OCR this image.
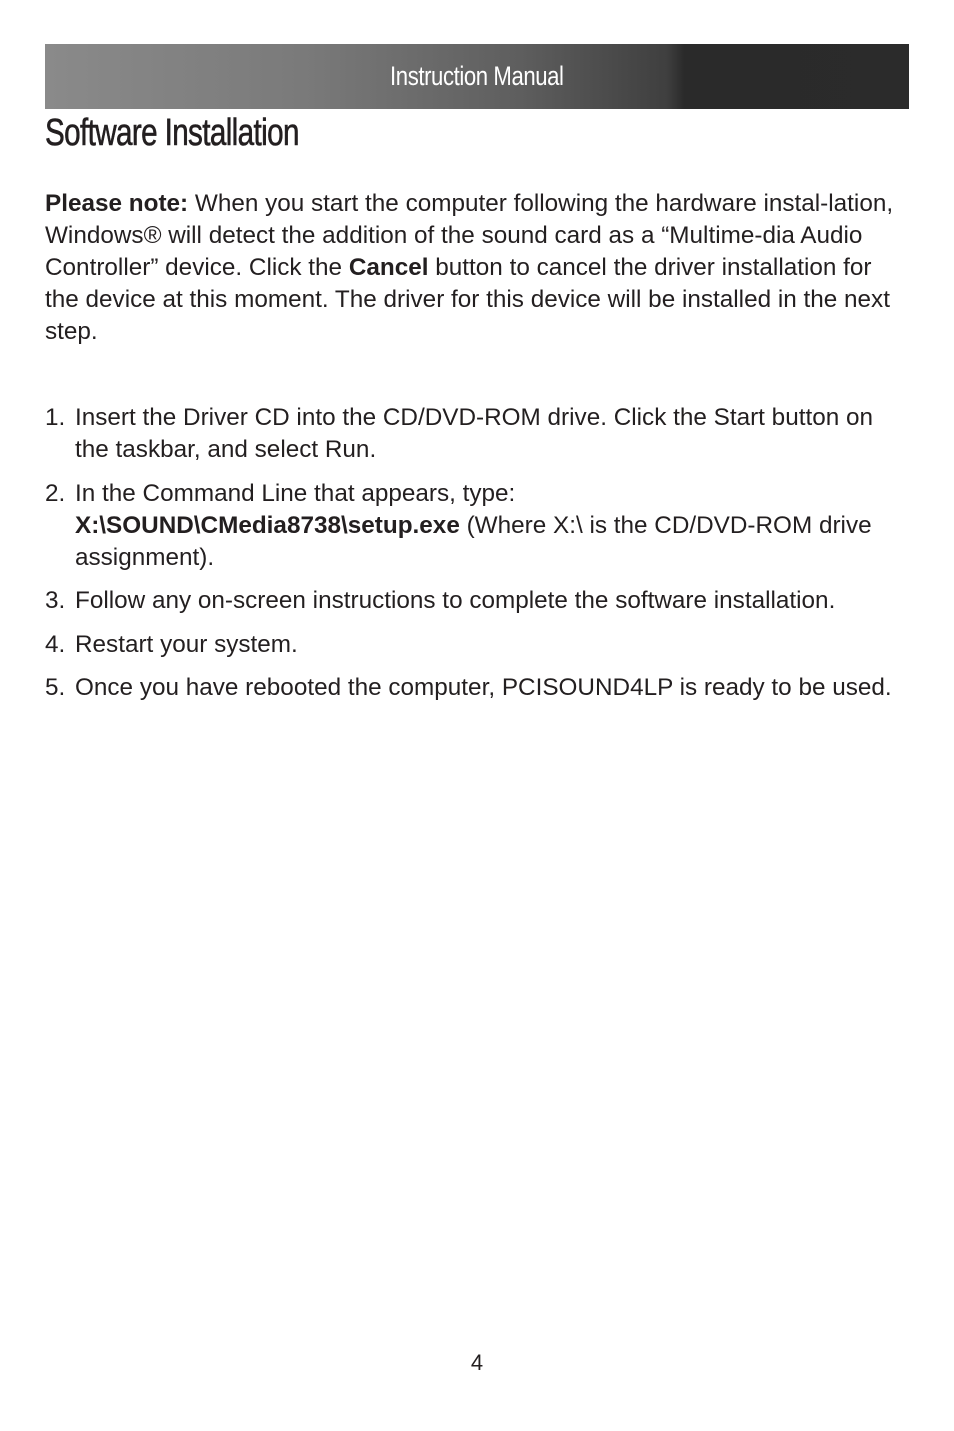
Instruction Manual
Software Installation

Please note: When you start the computer following the hardware instal-lation, Windows® will detect the addition of the sound card as a “Multime-dia Audio Controller” device. Click the Cancel button to cancel the driver installation for the device at this moment. The driver for this device will be installed in the next step.

1. Insert the Driver CD into the CD/DVD-ROM drive. Click the Start button on the taskbar, and select Run.
2. In the Command Line that appears, type:
X:\SOUND\CMedia8738\setup.exe (Where X:\ is the CD/DVD-ROM drive assignment).
3. Follow any on-screen instructions to complete the software installation.
4. Restart your system.
5. Once you have rebooted the computer, PCISOUND4LP is ready to be used.
4
